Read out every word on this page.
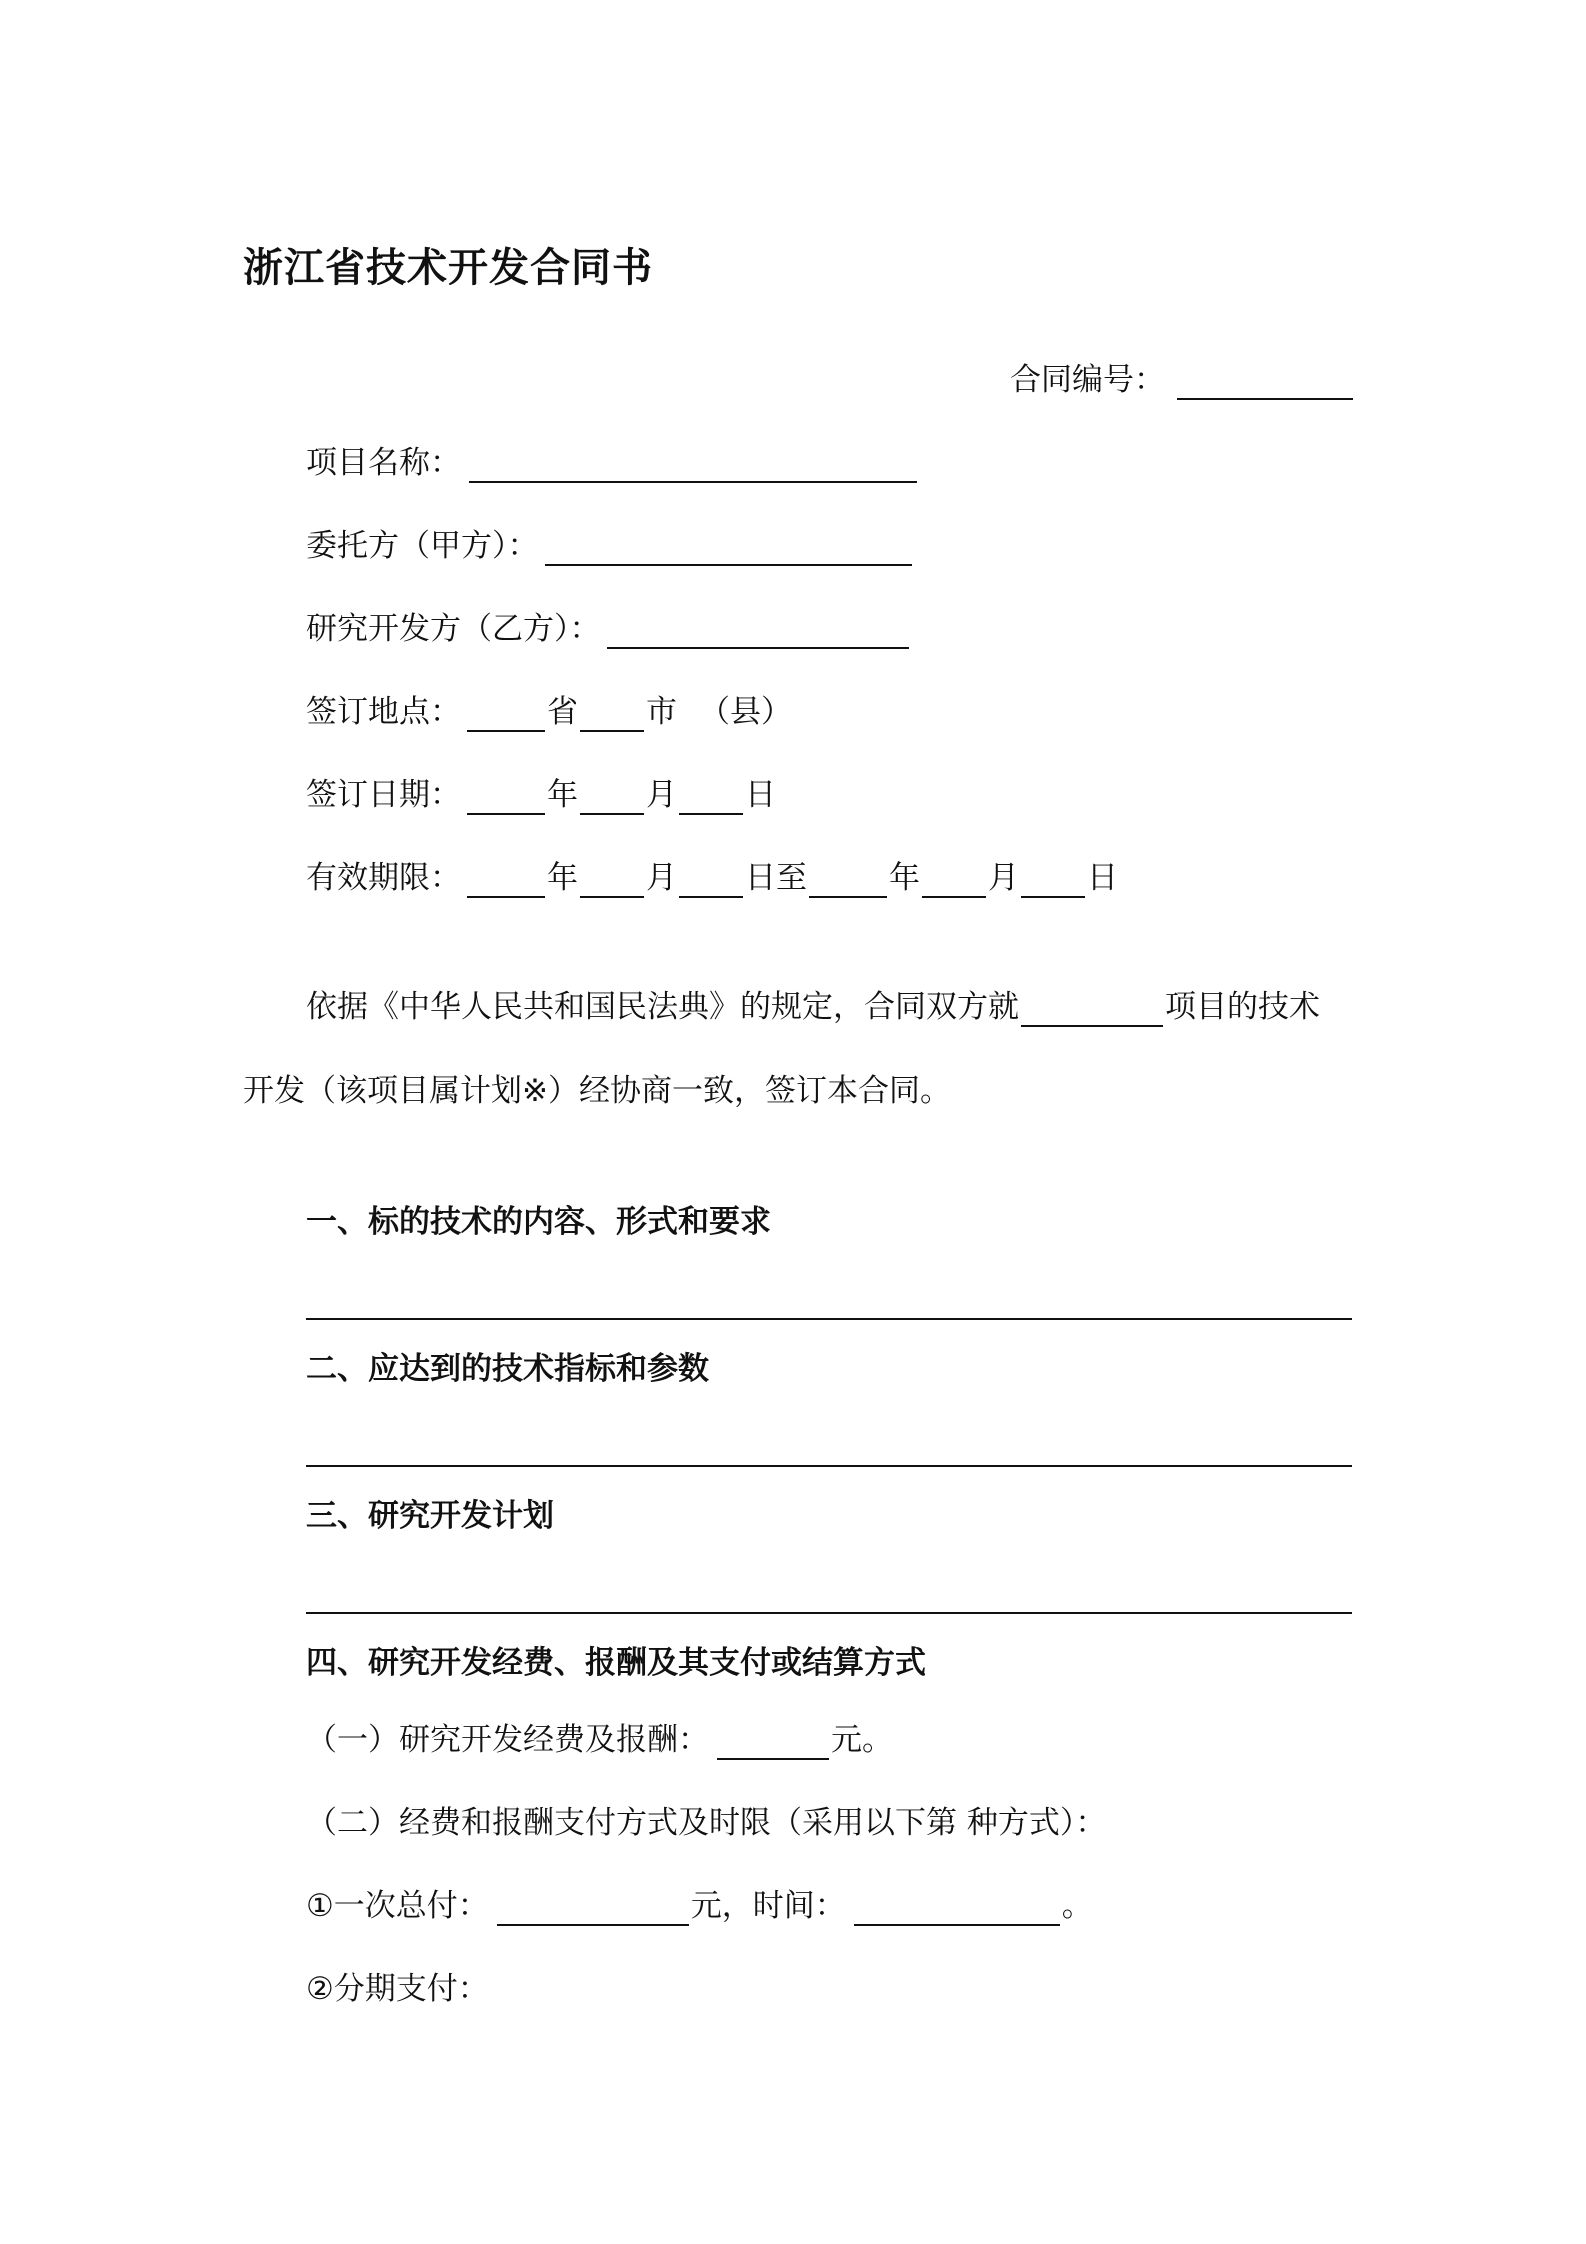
浙江省技术开发合同书
合同编号：
项目名称：
委托方（甲方）：
研究开发方（乙方）：
签订地点：	省 市 （县）
签订日期：	年 月 日
有效期限：	年 月 日至	年 月 日
依据《中华人民共和国民法典》的规定，合同双方就	项目的技术
开发（该项目属计划※）经协商一致，签订本合同。
一、标的技术的内容、形式和要求
二、应达到的技术指标和参数
三、研究开发计划
四、研究开发经费、报酬及其支付或结算方式
（一）研究开发经费及报酬：	元。
（二）经费和报酬支付方式及时限（采用以下第 种方式）：
①一次总付：	元，时间：	。
②分期支付：
